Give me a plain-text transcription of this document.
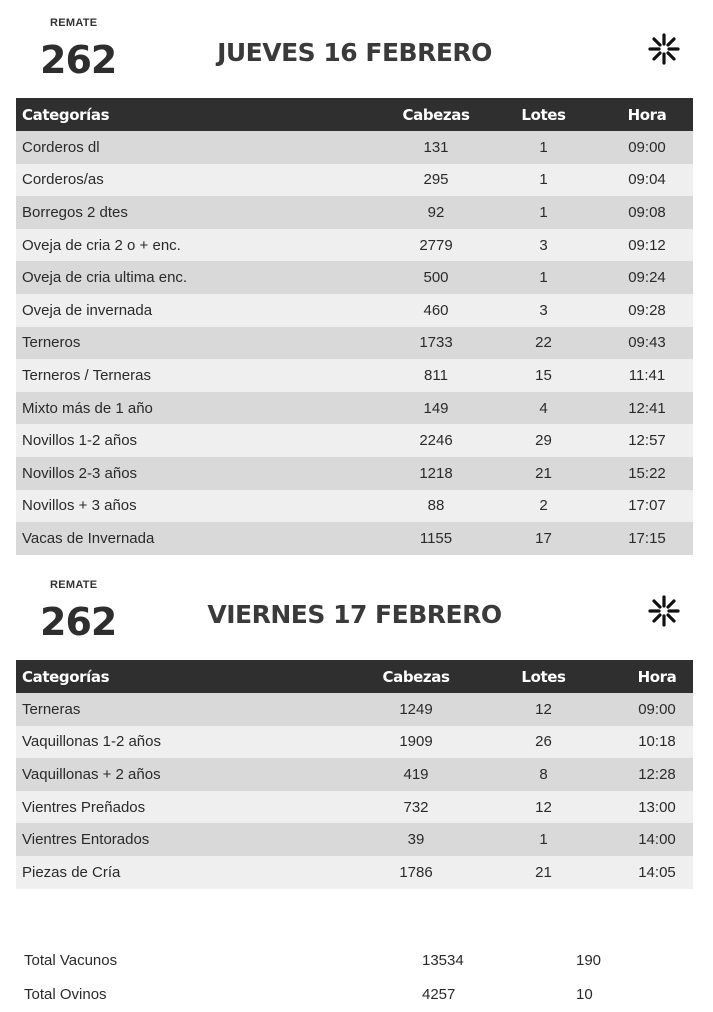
REMATE
262	JUEVES 16 FEBRERO
Categorías	Cabezas	Lotes	Hora
Corderos dl	131	1	09:00
Corderos/as	295	1	09:04
Borregos 2 dtes	92	1	09:08
Oveja de cria 2 o + enc.	2779	3	09:12
Oveja de cria ultima enc.	500	1	09:24
Oveja de invernada	460	3	09:28
Terneros	1733	22	09:43
Terneros / Terneras	811	15	11:41
Mixto más de 1 año	149	4	12:41
Novillos 1-2 años	2246	29	12:57
Novillos 2-3 años	1218	21	15:22
Novillos + 3 años	88	2	17:07
Vacas de Invernada	1155	17	17:15
REMATE
262	VIERNES 17 FEBRERO
Categorías	Cabezas	Lotes	Hora
Terneras	1249	12	09:00
Vaquillonas 1-2 años	1909	26	10:18
Vaquillonas + 2 años	419	8	12:28
Vientres Preñados	732	12	13:00
Vientres Entorados	39	1	14:00
Piezas de Cría	1786	21	14:05
Total Vacunos	13534	190
Total Ovinos	4257	10
